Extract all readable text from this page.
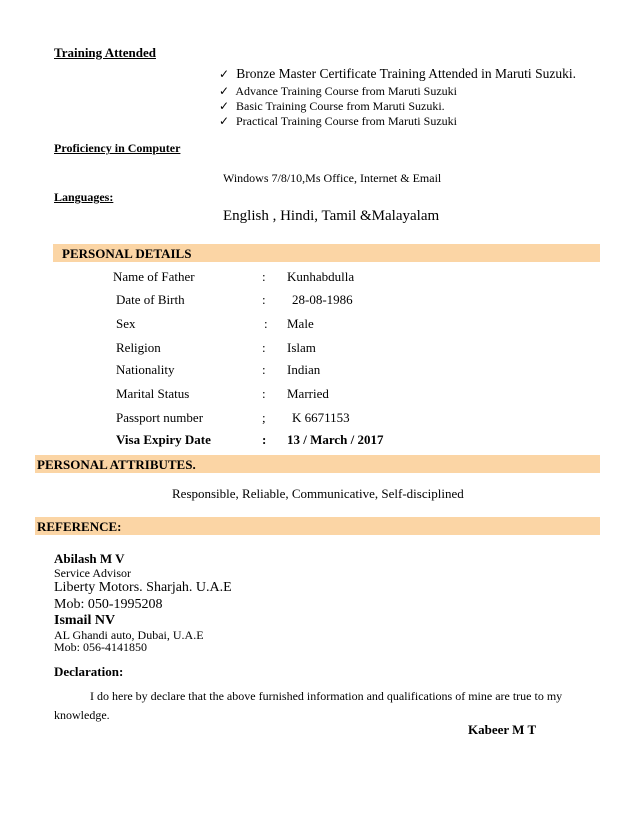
Training Attended
✓ Bronze Master Certificate Training Attended in Maruti Suzuki.
✓ Advance Training Course from Maruti Suzuki
✓ Basic Training Course from Maruti Suzuki.
✓ Practical Training Course from Maruti Suzuki
Proficiency in Computer
Windows 7/8/10,Ms Office, Internet & Email
Languages:
English , Hindi, Tamil &Malayalam
PERSONAL DETAILS
Name of Father	: Kunhabdulla
Date of Birth	: 28-08-1986
Sex	: Male
Religion	: Islam
Nationality	: Indian
Marital Status	: Married
Passport number	; K 6671153
Visa Expiry Date	: 13 / March / 2017
PERSONAL ATTRIBUTES.
Responsible, Reliable, Communicative, Self-disciplined
REFERENCE:
Abilash M V
Service Advisor
Liberty Motors. Sharjah. U.A.E
Mob: 050-1995208
Ismail NV
AL Ghandi auto, Dubai, U.A.E
Mob: 056-4141850
Declaration:
I do here by declare that the above furnished information and qualifications of mine are true to my
knowledge.
Kabeer M T
